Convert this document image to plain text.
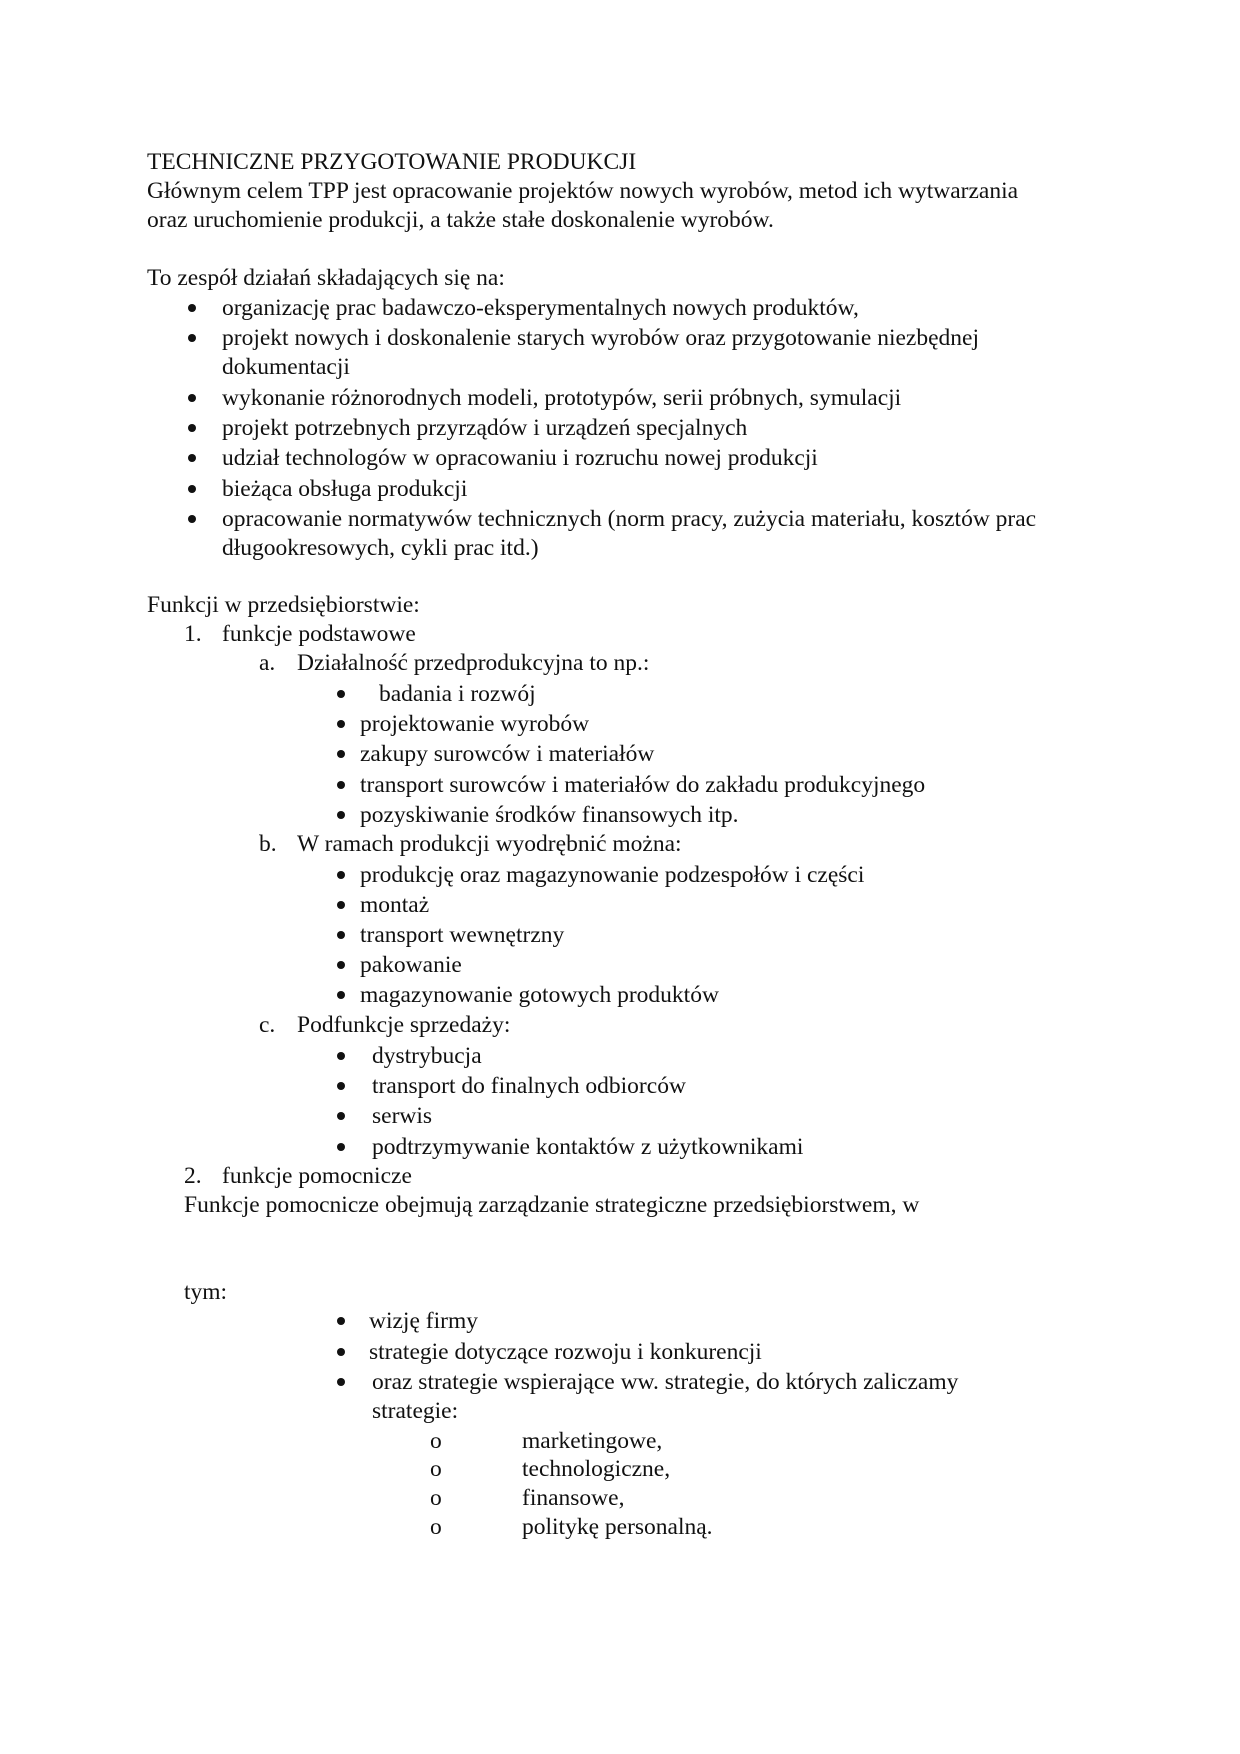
TECHNICZNE PRZYGOTOWANIE PRODUKCJI
Głównym celem TPP jest opracowanie projektów nowych wyrobów, metod ich wytwarzania
oraz uruchomienie produkcji, a także stałe doskonalenie wyrobów.
To zespół działań składających się na:
organizację prac badawczo-eksperymentalnych nowych produktów,
projekt nowych i doskonalenie starych wyrobów oraz przygotowanie niezbędnej
dokumentacji
wykonanie różnorodnych modeli, prototypów, serii próbnych, symulacji
projekt potrzebnych przyrządów i urządzeń specjalnych
udział technologów w opracowaniu i rozruchu nowej produkcji
bieżąca obsługa produkcji
opracowanie normatywów technicznych (norm pracy, zużycia materiału, kosztów prac
długookresowych, cykli prac itd.)
Funkcji w przedsiębiorstwie:
1. funkcje podstawowe
a. Działalność przedprodukcyjna to np.:
badania i rozwój
projektowanie wyrobów
zakupy surowców i materiałów
transport surowców i materiałów do zakładu produkcyjnego
pozyskiwanie środków finansowych itp.
b. W ramach produkcji wyodrębnić można:
produkcję oraz magazynowanie podzespołów i części
montaż
transport wewnętrzny
pakowanie
magazynowanie gotowych produktów
c. Podfunkcje sprzedaży:
dystrybucja
transport do finalnych odbiorców
serwis
podtrzymywanie kontaktów z użytkownikami
2. funkcje pomocnicze
Funkcje pomocnicze obejmują zarządzanie strategiczne przedsiębiorstwem, w
tym:
wizję firmy
strategie dotyczące rozwoju i konkurencji
oraz strategie wspierające ww. strategie, do których zaliczamy
strategie:
o	marketingowe,
o	technologiczne,
o	finansowe,
o	politykę personalną.
